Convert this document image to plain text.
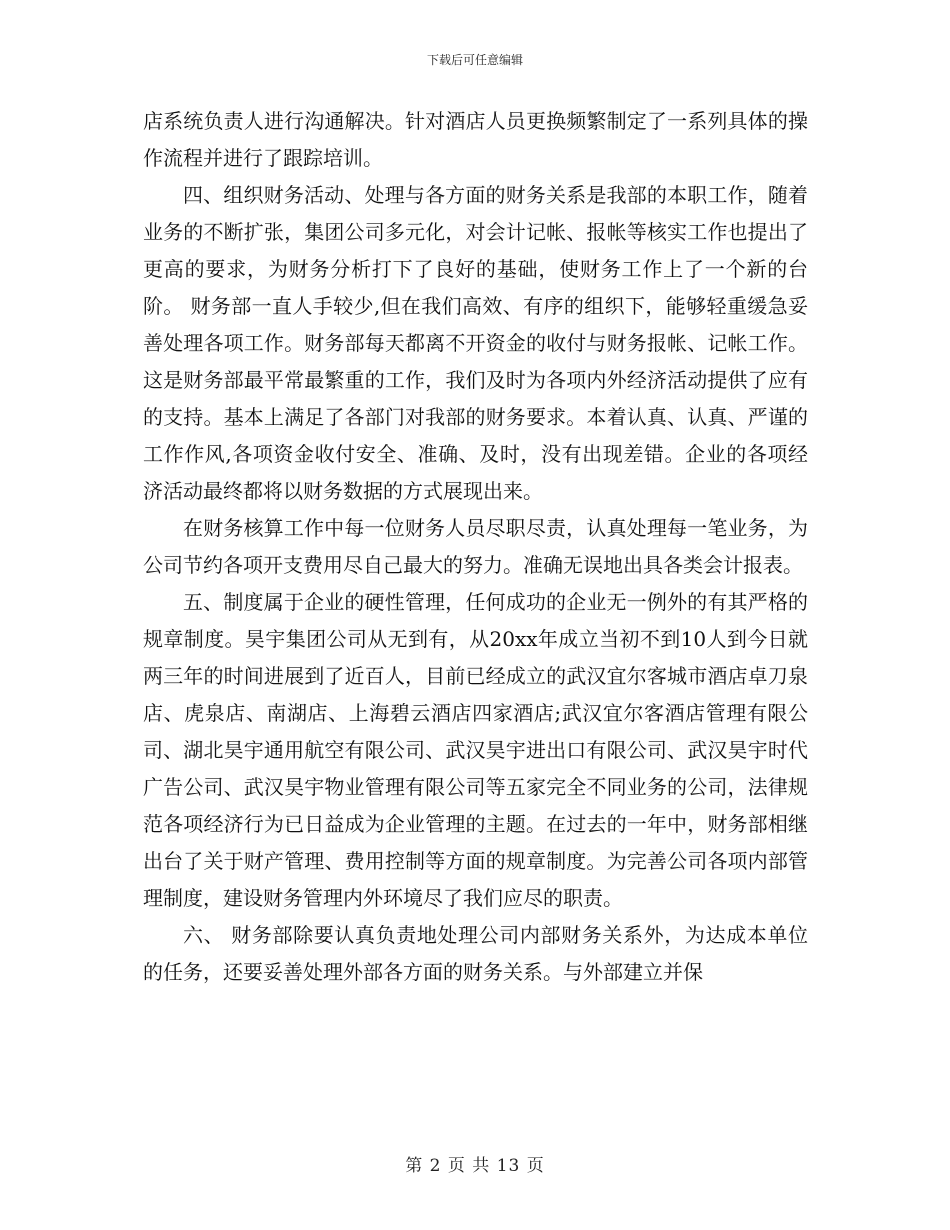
下载后可任意编辑

店系统负责人进行沟通解决。针对酒店人员更换频繁制定了一系列具体的操作流程并进行了跟踪培训。

四、组织财务活动、处理与各方面的财务关系是我部的本职工作，随着业务的不断扩张，集团公司多元化，对会计记帐、报帐等核实工作也提出了更高的要求，为财务分析打下了良好的基础，使财务工作上了一个新的台阶。 财务部一直人手较少,但在我们高效、有序的组织下，能够轻重缓急妥善处理各项工作。财务部每天都离不开资金的收付与财务报帐、记帐工作。这是财务部最平常最繁重的工作，我们及时为各项内外经济活动提供了应有的支持。基本上满足了各部门对我部的财务要求。本着认真、认真、严谨的工作作风,各项资金收付安全、准确、及时，没有出现差错。企业的各项经济活动最终都将以财务数据的方式展现出来。

在财务核算工作中每一位财务人员尽职尽责，认真处理每一笔业务，为公司节约各项开支费用尽自己最大的努力。准确无误地出具各类会计报表。

五、制度属于企业的硬性管理，任何成功的企业无一例外的有其严格的规章制度。昊宇集团公司从无到有，从20xx年成立当初不到10人到今日就两三年的时间进展到了近百人，目前已经成立的武汉宜尔客城市酒店卓刀泉店、虎泉店、南湖店、上海碧云酒店四家酒店;武汉宜尔客酒店管理有限公司、湖北昊宇通用航空有限公司、武汉昊宇进出口有限公司、武汉昊宇时代广告公司、武汉昊宇物业管理有限公司等五家完全不同业务的公司，法律规范各项经济行为已日益成为企业管理的主题。在过去的一年中，财务部相继出台了关于财产管理、费用控制等方面的规章制度。为完善公司各项内部管理制度，建设财务管理内外环境尽了我们应尽的职责。

六、 财务部除要认真负责地处理公司内部财务关系外，为达成本单位的任务，还要妥善处理外部各方面的财务关系。与外部建立并保

第 2 页 共 13 页
